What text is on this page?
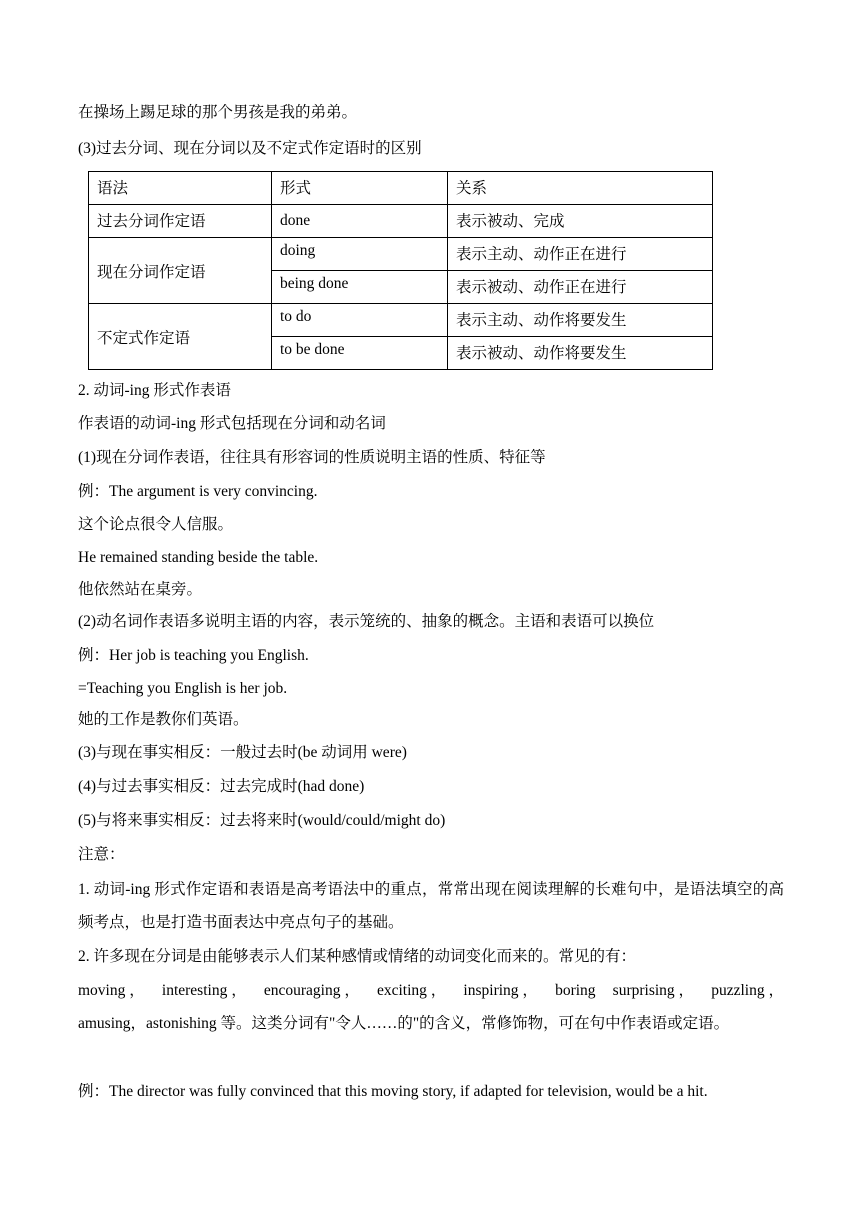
在操场上踢足球的那个男孩是我的弟弟。
(3)过去分词、现在分词以及不定式作定语时的区别
语法	形式	关系
过去分词作定语	done	表示被动、完成
现在分词作定语	doing	表示主动、动作正在进行
	being done	表示被动、动作正在进行
不定式作定语	to do	表示主动、动作将要发生
	to be done	表示被动、动作将要发生
2. 动词-ing 形式作表语
作表语的动词-ing 形式包括现在分词和动名词
(1)现在分词作表语，往往具有形容词的性质说明主语的性质、特征等
例：The argument is very convincing.
这个论点很令人信服。
He remained standing beside the table.
他依然站在桌旁。
(2)动名词作表语多说明主语的内容，表示笼统的、抽象的概念。主语和表语可以换位
例：Her job is teaching you English.
=Teaching you English is her job.
她的工作是教你们英语。
(3)与现在事实相反：一般过去时(be 动词用 were)
(4)与过去事实相反：过去完成时(had done)
(5)与将来事实相反：过去将来时(would/could/might do)
注意：
1. 动词-ing 形式作定语和表语是高考语法中的重点，常常出现在阅读理解的长难句中，是语法填空的高频考点，也是打造书面表达中亮点句子的基础。
2. 许多现在分词是由能够表示人们某种感情或情绪的动词变化而来的。常见的有：
moving ， interesting ， encouraging ， exciting ， inspiring ， boring surprising ， puzzling ，
amusing，astonishing 等。这类分词有"令人……的"的含义，常修饰物，可在句中作表语或定语。
例：The director was fully convinced that this moving story, if adapted for television, would be a hit.
